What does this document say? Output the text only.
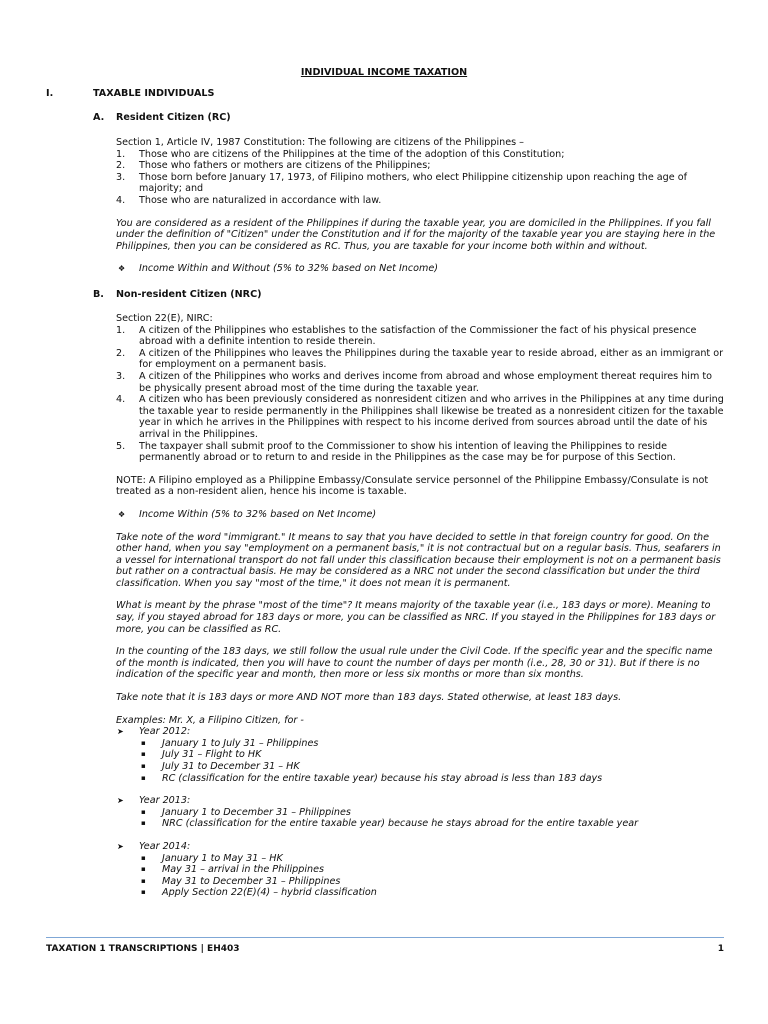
INDIVIDUAL INCOME TAXATION
I.	TAXABLE INDIVIDUALS
A. Resident Citizen (RC)

Section 1, Article IV, 1987 Constitution: The following are citizens of the Philippines –

1. Those who are citizens of the Philippines at the time of the adoption of this Constitution;
2. Those who fathers or mothers are citizens of the Philippines;
3. Those born before January 17, 1973, of Filipino mothers, who elect Philippine citizenship upon reaching the age of majority; and
4. Those who are naturalized in accordance with law.

You are considered as a resident of the Philippines if during the taxable year, you are domiciled in the Philippines. If you fall under the definition of "Citizen" under the Constitution and if for the majority of the taxable year you are staying here in the Philippines, then you can be considered as RC. Thus, you are taxable for your income both within and without.

❖ Income Within and Without (5% to 32% based on Net Income)
B. Non-resident Citizen (NRC)

Section 22(E), NIRC:

1. A citizen of the Philippines who establishes to the satisfaction of the Commissioner the fact of his physical presence abroad with a definite intention to reside therein.
2. A citizen of the Philippines who leaves the Philippines during the taxable year to reside abroad, either as an immigrant or for employment on a permanent basis.
3. A citizen of the Philippines who works and derives income from abroad and whose employment thereat requires him to be physically present abroad most of the time during the taxable year.
4. A citizen who has been previously considered as nonresident citizen and who arrives in the Philippines at any time during the taxable year to reside permanently in the Philippines shall likewise be treated as a nonresident citizen for the taxable year in which he arrives in the Philippines with respect to his income derived from sources abroad until the date of his arrival in the Philippines.
5. The taxpayer shall submit proof to the Commissioner to show his intention of leaving the Philippines to reside permanently abroad or to return to and reside in the Philippines as the case may be for purpose of this Section.

NOTE: A Filipino employed as a Philippine Embassy/Consulate service personnel of the Philippine Embassy/Consulate is not treated as a non-resident alien, hence his income is taxable.

❖ Income Within (5% to 32% based on Net Income)

Take note of the word "immigrant." It means to say that you have decided to settle in that foreign country for good. On the other hand, when you say "employment on a permanent basis," it is not contractual but on a regular basis. Thus, seafarers in a vessel for international transport do not fall under this classification because their employment is not on a permanent basis but rather on a contractual basis. He may be considered as a NRC not under the second classification but under the third classification. When you say "most of the time," it does not mean it is permanent.

What is meant by the phrase "most of the time"? It means majority of the taxable year (i.e., 183 days or more). Meaning to say, if you stayed abroad for 183 days or more, you can be classified as NRC. If you stayed in the Philippines for 183 days or more, you can be classified as RC.

In the counting of the 183 days, we still follow the usual rule under the Civil Code. If the specific year and the specific name of the month is indicated, then you will have to count the number of days per month (i.e., 28, 30 or 31). But if there is no indication of the specific year and month, then more or less six months or more than six months.

Take note that it is 183 days or more AND NOT more than 183 days. Stated otherwise, at least 183 days.

Examples: Mr. X, a Filipino Citizen, for -

➤ Year 2012:
▪ January 1 to July 31 – Philippines
▪ July 31 – Flight to HK
▪ July 31 to December 31 – HK
▪ RC (classification for the entire taxable year) because his stay abroad is less than 183 days
➤ Year 2013:
▪ January 1 to December 31 – Philippines
▪ NRC (classification for the entire taxable year) because he stays abroad for the entire taxable year
➤ Year 2014:
▪ January 1 to May 31 – HK
▪ May 31 – arrival in the Philippines
▪ May 31 to December 31 – Philippines
▪ Apply Section 22(E)(4) – hybrid classification
TAXATION 1 TRANSCRIPTIONS | EH403	1
